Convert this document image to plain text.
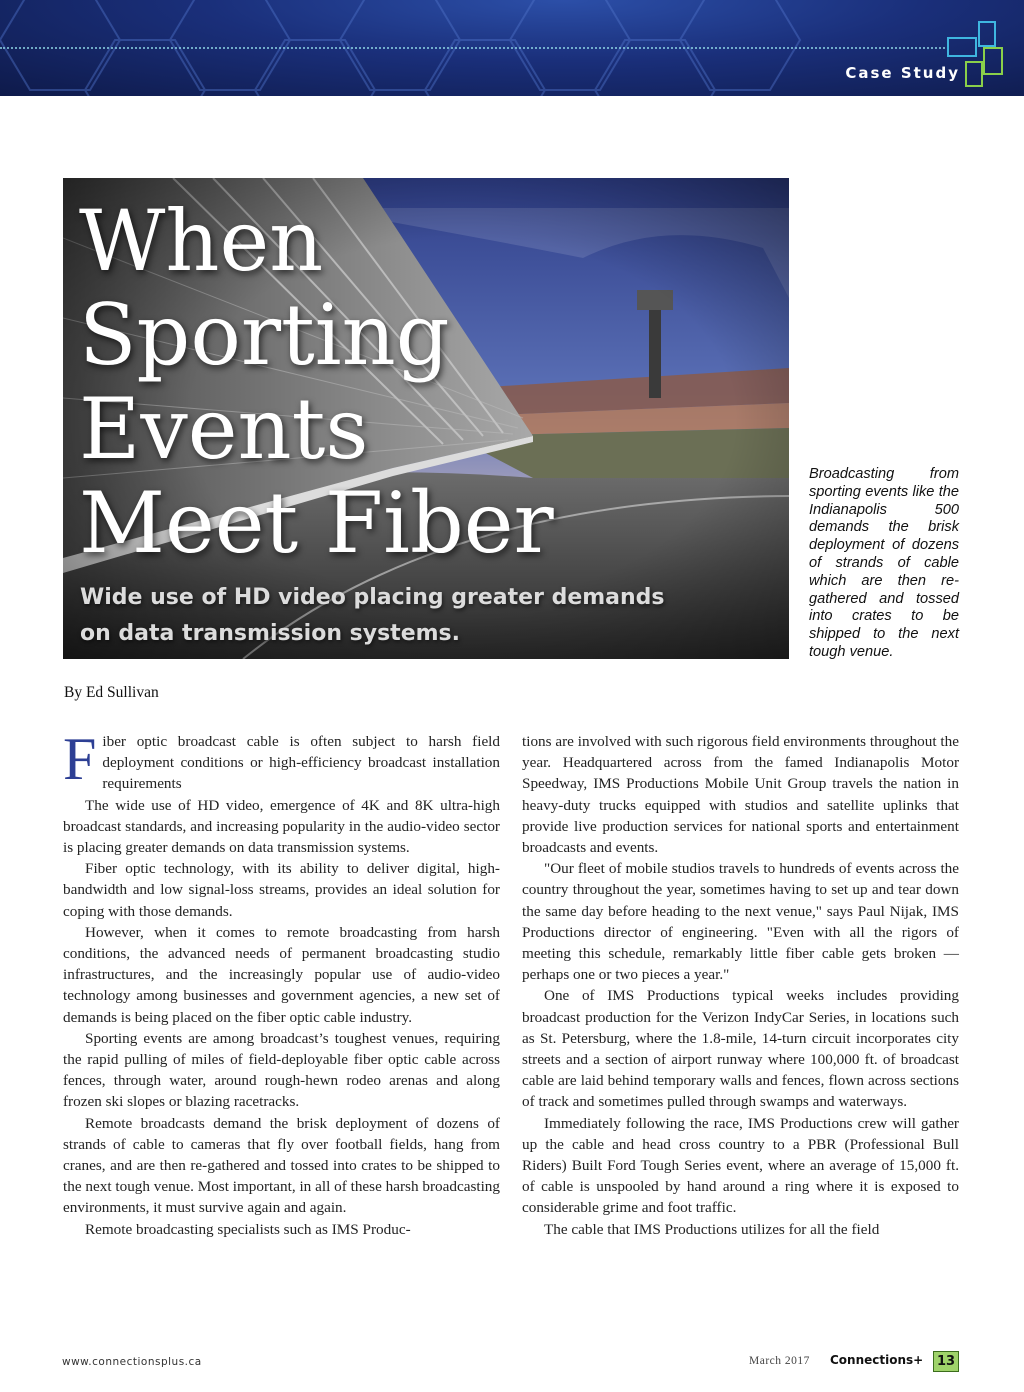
Case Study
When
Sporting
Events
Meet Fiber
Wide use of HD video placing greater demands on data transmission systems.
Broadcasting from sporting events like the Indianapolis 500 demands the brisk deployment of dozens of strands of cable which are then re-gathered and tossed into crates to be shipped to the next tough venue.
By Ed Sullivan

Fiber optic broadcast cable is often subject to harsh field deployment conditions or high-efficiency broadcast installation requirements

The wide use of HD video, emergence of 4K and 8K ultra-high broadcast standards, and increasing popularity in the audio-video sector is placing greater demands on data transmission systems.

Fiber optic technology, with its ability to deliver digital, high-bandwidth and low signal-loss streams, provides an ideal solution for coping with those demands.

However, when it comes to remote broadcasting from harsh conditions, the advanced needs of permanent broadcasting studio infrastructures, and the increasingly popular use of audio-video technology among businesses and government agencies, a new set of demands is being placed on the fiber optic cable industry.

Sporting events are among broadcast’s toughest venues, requiring the rapid pulling of miles of field-deployable fiber optic cable across fences, through water, around rough-hewn rodeo arenas and along frozen ski slopes or blazing racetracks.

Remote broadcasts demand the brisk deployment of dozens of strands of cable to cameras that fly over football fields, hang from cranes, and are then re-gathered and tossed into crates to be shipped to the next tough venue. Most important, in all of these harsh broadcasting environments, it must survive again and again.

Remote broadcasting specialists such as IMS Produc-

tions are involved with such rigorous field environments throughout the year. Headquartered across from the famed Indianapolis Motor Speedway, IMS Productions Mobile Unit Group travels the nation in heavy-duty trucks equipped with studios and satellite uplinks that provide live production services for national sports and entertainment broadcasts and events.

"Our fleet of mobile studios travels to hundreds of events across the country throughout the year, sometimes having to set up and tear down the same day before heading to the next venue," says Paul Nijak, IMS Productions director of engineering. "Even with all the rigors of meeting this schedule, remarkably little fiber cable gets broken — perhaps one or two pieces a year."

One of IMS Productions typical weeks includes providing broadcast production for the Verizon IndyCar Series, in locations such as St. Petersburg, where the 1.8-mile, 14-turn circuit incorporates city streets and a section of airport runway where 100,000 ft. of broadcast cable are laid behind temporary walls and fences, flown across sections of track and sometimes pulled through swamps and waterways.

Immediately following the race, IMS Productions crew will gather up the cable and head cross country to a PBR (Professional Bull Riders) Built Ford Tough Series event, where an average of 15,000 ft. of cable is unspooled by hand around a ring where it is exposed to considerable grime and foot traffic.

The cable that IMS Productions utilizes for all the field

www.connectionsplus.ca	March 2017 Connections+	13
